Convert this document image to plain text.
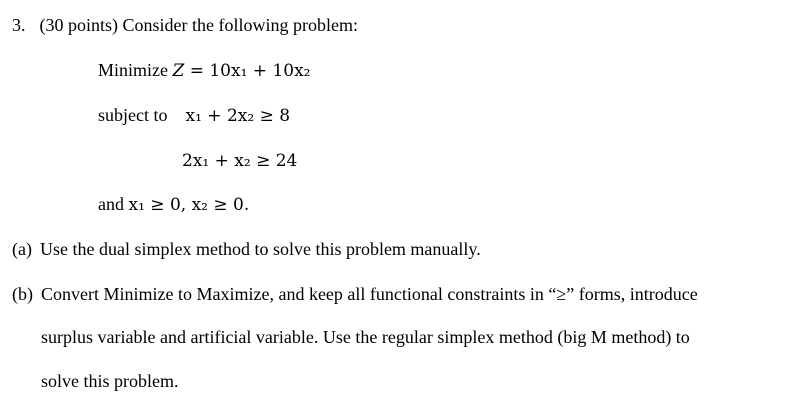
3. (30 points) Consider the following problem:
Minimize Z = 10x₁ + 10x₂
subject to x₁ + 2x₂ ≥ 8
2x₁ + x₂ ≥ 24
and x₁ ≥ 0, x₂ ≥ 0.
(a) Use the dual simplex method to solve this problem manually.
(b) Convert Minimize to Maximize, and keep all functional constraints in “≥” forms, introduce
surplus variable and artificial variable. Use the regular simplex method (big M method) to
solve this problem.
